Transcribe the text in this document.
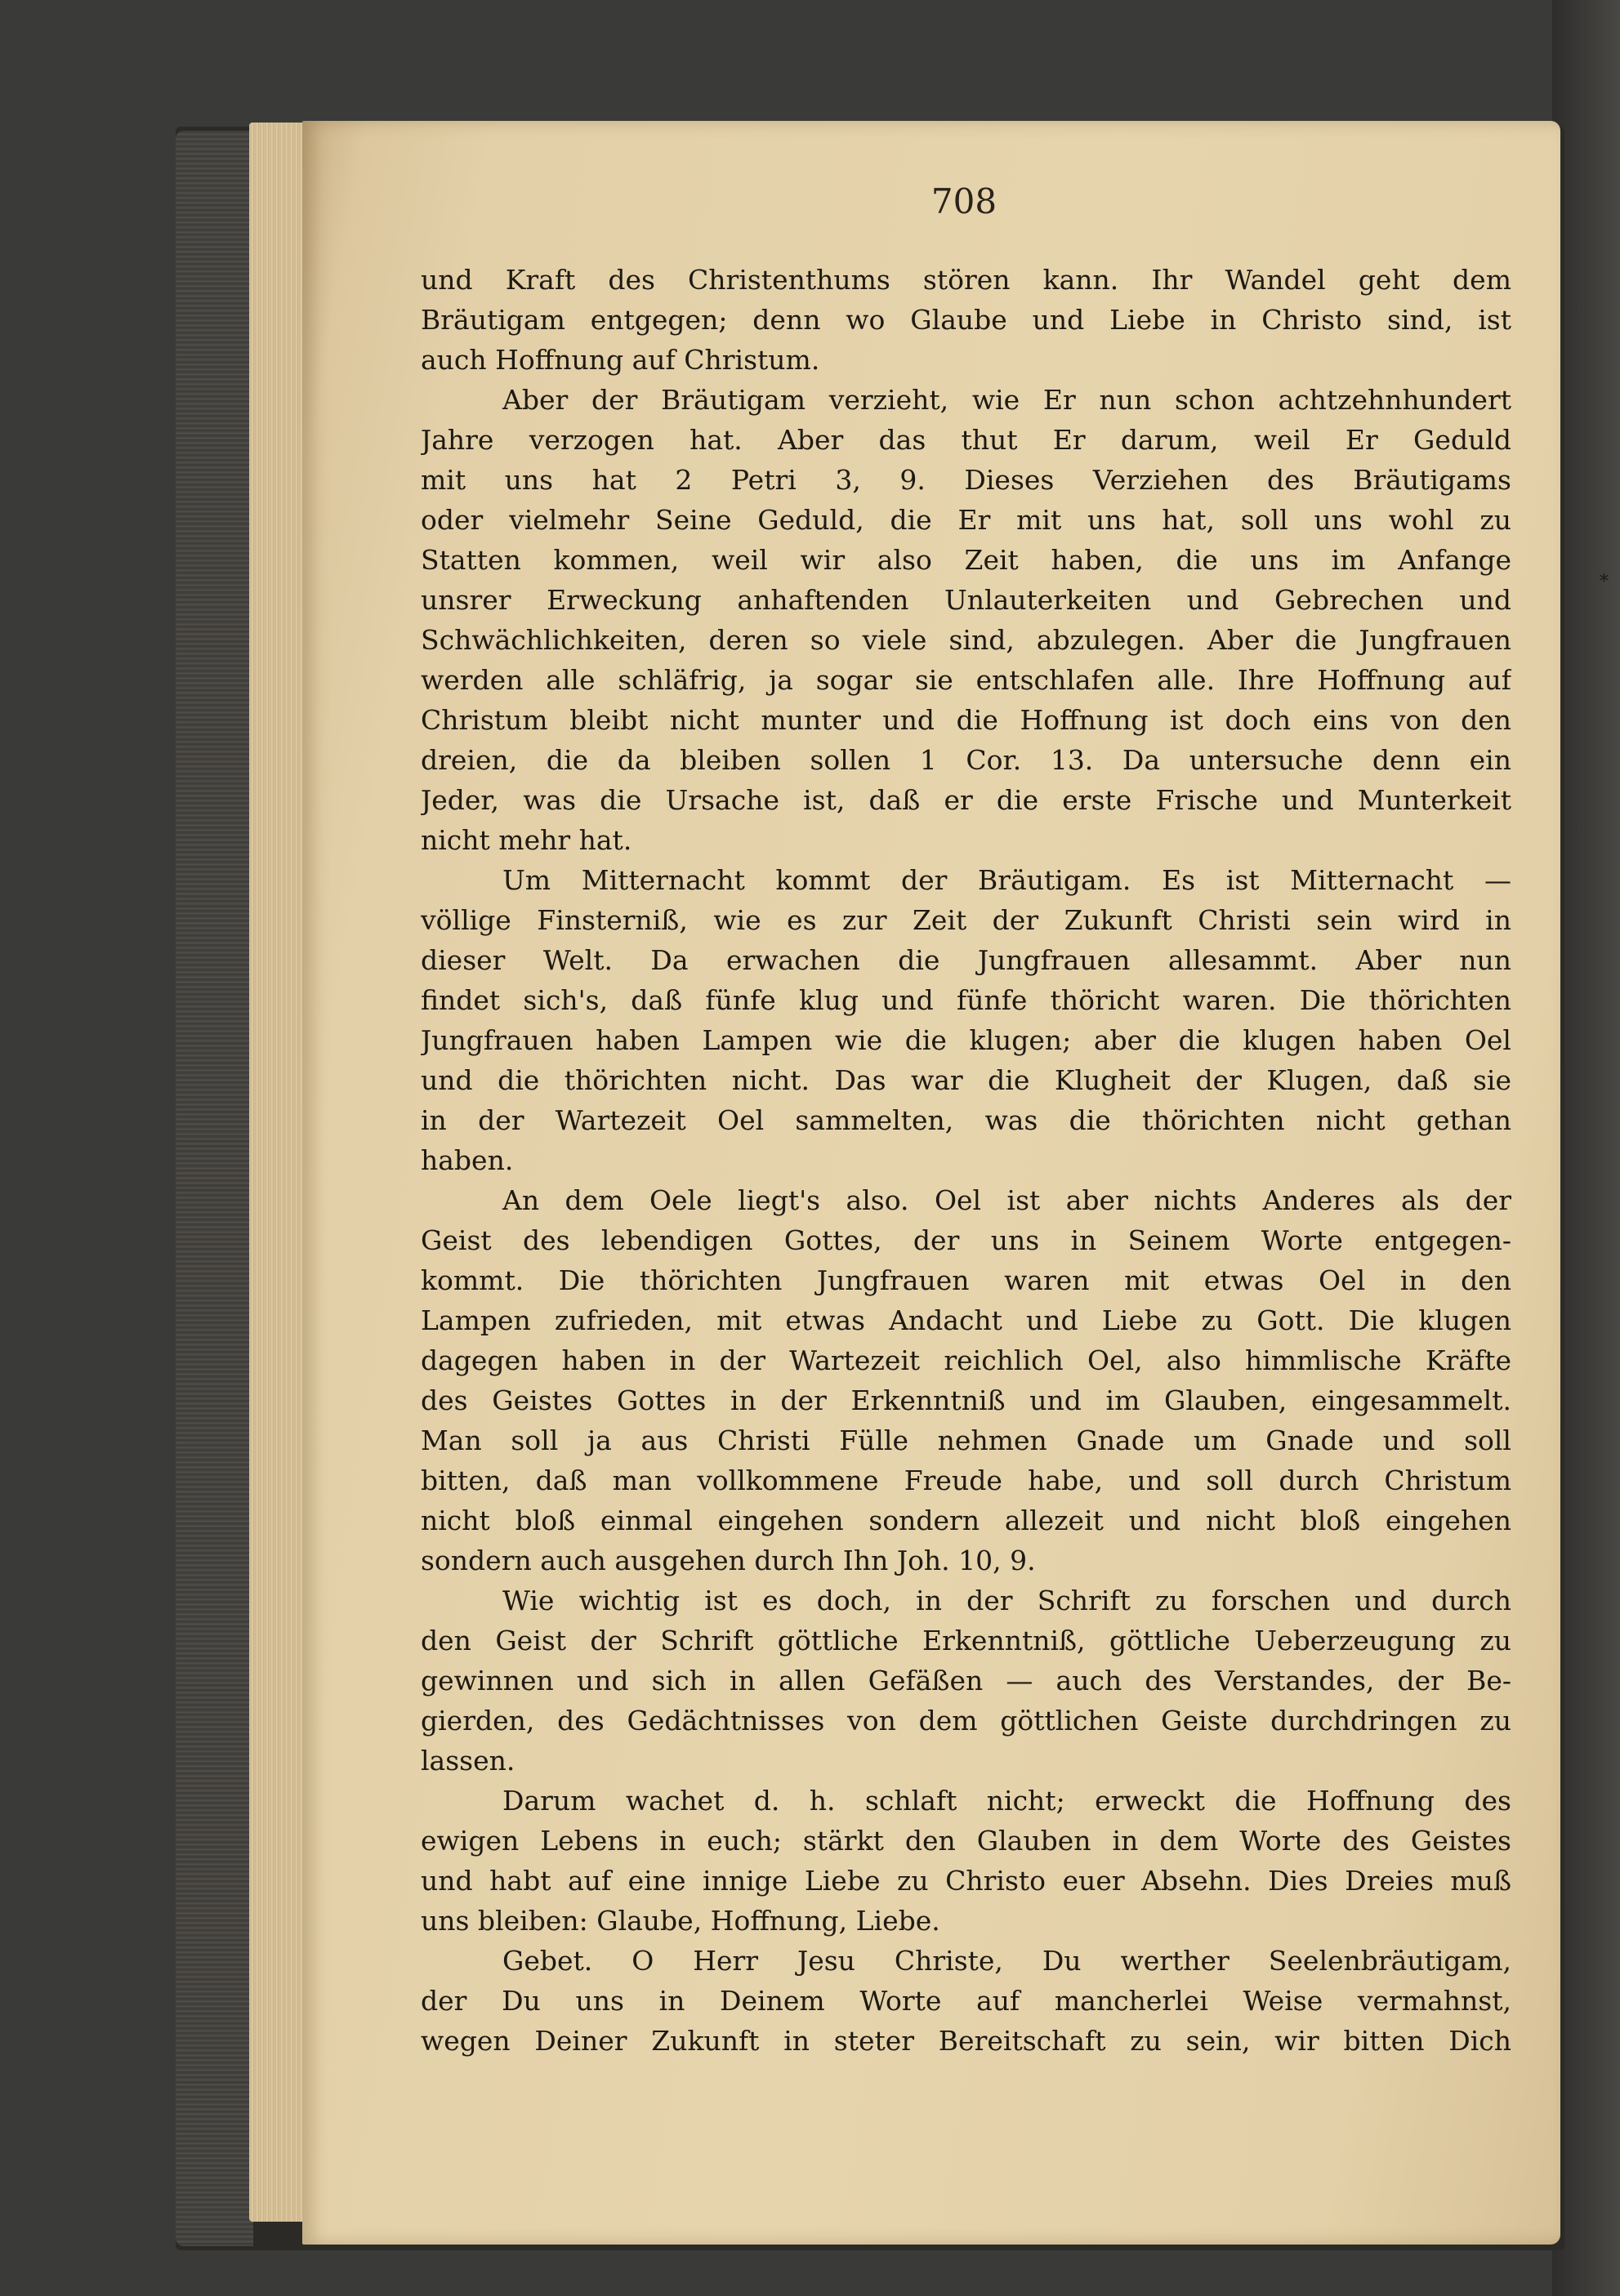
708
und Kraft des Christenthums stören kann. Ihr Wandel geht dem
Bräutigam entgegen; denn wo Glaube und Liebe in Christo sind, ist
auch Hoffnung auf Christum.
Aber der Bräutigam verzieht, wie Er nun schon achtzehnhundert
Jahre verzogen hat. Aber das thut Er darum, weil Er Geduld
mit uns hat 2 Petri 3, 9. Dieses Verziehen des Bräutigams
oder vielmehr Seine Geduld, die Er mit uns hat, soll uns wohl zu
Statten kommen, weil wir also Zeit haben, die uns im Anfange
unsrer Erweckung anhaftenden Unlauterkeiten und Gebrechen und
Schwächlichkeiten, deren so viele sind, abzulegen. Aber die Jungfrauen
werden alle schläfrig, ja sogar sie entschlafen alle. Ihre Hoffnung auf
Christum bleibt nicht munter und die Hoffnung ist doch eins von den
dreien, die da bleiben sollen 1 Cor. 13. Da untersuche denn ein
Jeder, was die Ursache ist, daß er die erste Frische und Munterkeit
nicht mehr hat.
Um Mitternacht kommt der Bräutigam. Es ist Mitternacht —
völlige Finsterniß, wie es zur Zeit der Zukunft Christi sein wird in
dieser Welt. Da erwachen die Jungfrauen allesammt. Aber nun
findet sich's, daß fünfe klug und fünfe thöricht waren. Die thörichten
Jungfrauen haben Lampen wie die klugen; aber die klugen haben Oel
und die thörichten nicht. Das war die Klugheit der Klugen, daß sie
in der Wartezeit Oel sammelten, was die thörichten nicht gethan
haben.
An dem Oele liegt's also. Oel ist aber nichts Anderes als der
Geist des lebendigen Gottes, der uns in Seinem Worte entgegen-
kommt. Die thörichten Jungfrauen waren mit etwas Oel in den
Lampen zufrieden, mit etwas Andacht und Liebe zu Gott. Die klugen
dagegen haben in der Wartezeit reichlich Oel, also himmlische Kräfte
des Geistes Gottes in der Erkenntniß und im Glauben, eingesammelt.
Man soll ja aus Christi Fülle nehmen Gnade um Gnade und soll
bitten, daß man vollkommene Freude habe, und soll durch Christum
nicht bloß einmal eingehen sondern allezeit und nicht bloß eingehen
sondern auch ausgehen durch Ihn Joh. 10, 9.
Wie wichtig ist es doch, in der Schrift zu forschen und durch
den Geist der Schrift göttliche Erkenntniß, göttliche Ueberzeugung zu
gewinnen und sich in allen Gefäßen — auch des Verstandes, der Be-
gierden, des Gedächtnisses von dem göttlichen Geiste durchdringen zu
lassen.
Darum wachet d. h. schlaft nicht; erweckt die Hoffnung des
ewigen Lebens in euch; stärkt den Glauben in dem Worte des Geistes
und habt auf eine innige Liebe zu Christo euer Absehn. Dies Dreies muß
uns bleiben: Glaube, Hoffnung, Liebe.
Gebet. O Herr Jesu Christe, Du werther Seelenbräutigam,
der Du uns in Deinem Worte auf mancherlei Weise vermahnst,
wegen Deiner Zukunft in steter Bereitschaft zu sein, wir bitten Dich
*
